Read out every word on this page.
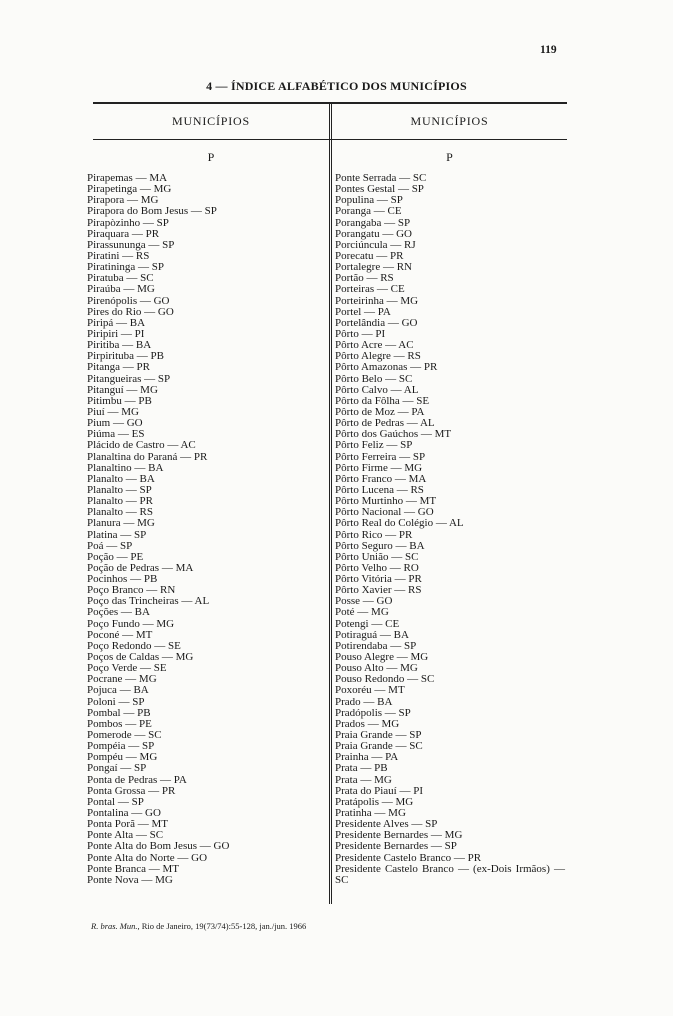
119
4 — ÍNDICE ALFABÉTICO DOS MUNICÍPIOS
MUNICÍPIOS	MUNICÍPIOS
P	P
Pirapemas — MA
Pirapetinga — MG
Pirapora — MG
Pirapora do Bom Jesus — SP
Pirapòzinho — SP
Piraquara — PR
Pirassununga — SP
Piratini — RS
Piratininga — SP
Piratuba — SC
Piraúba — MG
Pirenópolis — GO
Pires do Rio — GO
Piripá — BA
Piripiri — PI
Piritiba — BA
Pirpirituba — PB
Pitanga — PR
Pitangueiras — SP
Pitanguí — MG
Pitimbu — PB
Piuí — MG
Pium — GO
Piúma — ES
Plácido de Castro — AC
Planaltina do Paraná — PR
Planaltino — BA
Planalto — BA
Planalto — SP
Planalto — PR
Planalto — RS
Planura — MG
Platina — SP
Poá — SP
Poção — PE
Poção de Pedras — MA
Pocinhos — PB
Poço Branco — RN
Poço das Trincheiras — AL
Poções — BA
Poço Fundo — MG
Poconé — MT
Poço Redondo — SE
Poços de Caldas — MG
Poço Verde — SE
Pocrane — MG
Pojuca — BA
Poloni — SP
Pombal — PB
Pombos — PE
Pomerode — SC
Pompéia — SP
Pompéu — MG
Pongaí — SP
Ponta de Pedras — PA
Ponta Grossa — PR
Pontal — SP
Pontalina — GO
Ponta Porã — MT
Ponte Alta — SC
Ponte Alta do Bom Jesus — GO
Ponte Alta do Norte — GO
Ponte Branca — MT
Ponte Nova — MG
Ponte Serrada — SC
Pontes Gestal — SP
Populina — SP
Poranga — CE
Porangaba — SP
Porangatu — GO
Porciúncula — RJ
Porecatu — PR
Portalegre — RN
Portão — RS
Porteiras — CE
Porteirinha — MG
Portel — PA
Portelândia — GO
Pôrto — PI
Pôrto Acre — AC
Pôrto Alegre — RS
Pôrto Amazonas — PR
Pôrto Belo — SC
Pôrto Calvo — AL
Pôrto da Fôlha — SE
Pôrto de Moz — PA
Pôrto de Pedras — AL
Pôrto dos Gaúchos — MT
Pôrto Feliz — SP
Pôrto Ferreira — SP
Pôrto Firme — MG
Pôrto Franco — MA
Pôrto Lucena — RS
Pôrto Murtinho — MT
Pôrto Nacional — GO
Pôrto Real do Colégio — AL
Pôrto Rico — PR
Pôrto Seguro — BA
Pôrto União — SC
Pôrto Velho — RO
Pôrto Vitória — PR
Pôrto Xavier — RS
Posse — GO
Poté — MG
Potengi — CE
Potiraguá — BA
Potirendaba — SP
Pouso Alegre — MG
Pouso Alto — MG
Pouso Redondo — SC
Poxoréu — MT
Prado — BA
Pradópolis — SP
Prados — MG
Praia Grande — SP
Praia Grande — SC
Prainha — PA
Prata — PB
Prata — MG
Prata do Piauí — PI
Pratápolis — MG
Pratinha — MG
Presidente Alves — SP
Presidente Bernardes — MG
Presidente Bernardes — SP
Presidente Castelo Branco — PR
Presidente Castelo Branco — (ex-Dois Irmãos) — SC
R. bras. Mun., Rio de Janeiro, 19(73/74):55-128, jan./jun. 1966
